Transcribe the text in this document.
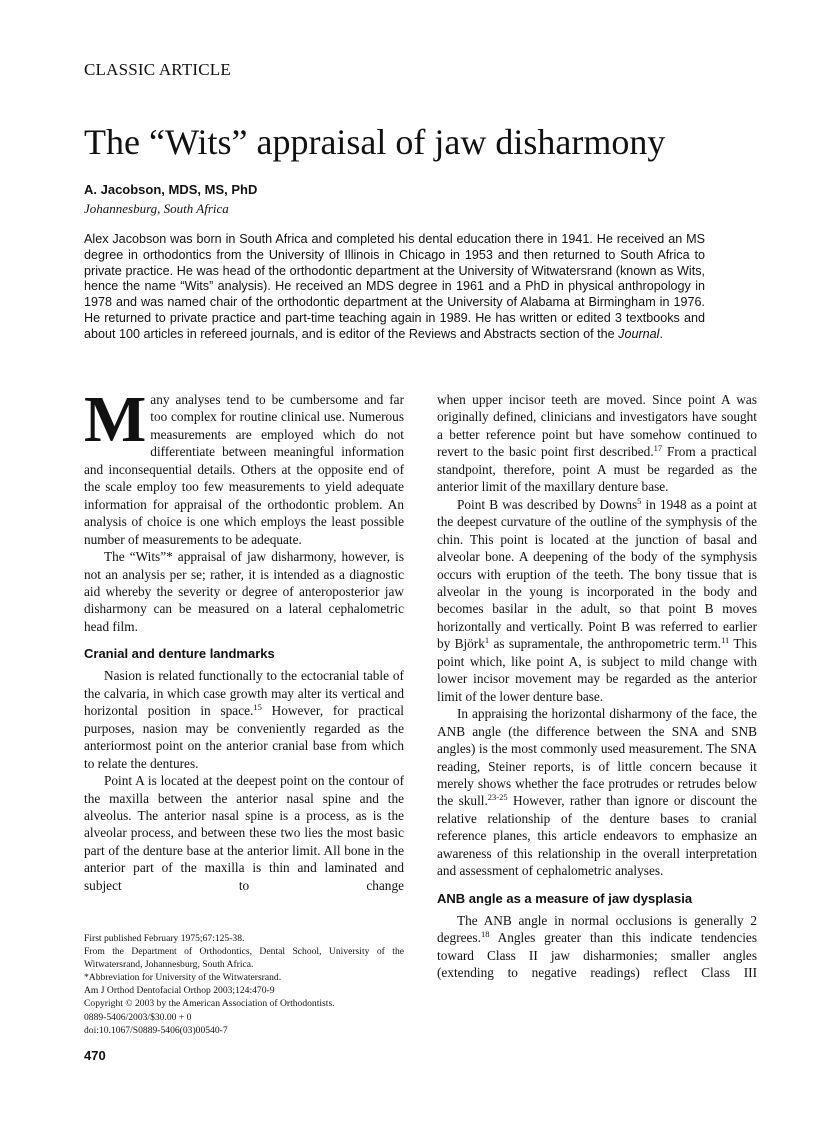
CLASSIC ARTICLE
The “Wits” appraisal of jaw disharmony
A. Jacobson, MDS, MS, PhD
Johannesburg, South Africa
Alex Jacobson was born in South Africa and completed his dental education there in 1941. He received an MS degree in orthodontics from the University of Illinois in Chicago in 1953 and then returned to South Africa to private practice. He was head of the orthodontic department at the University of Witwatersrand (known as Wits, hence the name “Wits” analysis). He received an MDS degree in 1961 and a PhD in physical anthropology in 1978 and was named chair of the orthodontic department at the University of Alabama at Birmingham in 1976. He returned to private practice and part-time teaching again in 1989. He has written or edited 3 textbooks and about 100 articles in refereed journals, and is editor of the Reviews and Abstracts section of the Journal.

Many analyses tend to be cumbersome and far too complex for routine clinical use. Numerous measurements are employed which do not differentiate between meaningful information and inconsequential details. Others at the opposite end of the scale employ too few measurements to yield adequate information for appraisal of the orthodontic problem. An analysis of choice is one which employs the least possible number of measurements to be adequate.

The “Wits”* appraisal of jaw disharmony, however, is not an analysis per se; rather, it is intended as a diagnostic aid whereby the severity or degree of anteroposterior jaw disharmony can be measured on a lateral cephalometric head film.

Cranial and denture landmarks

Nasion is related functionally to the ectocranial table of the calvaria, in which case growth may alter its vertical and horizontal position in space.$^{15}$ However, for practical purposes, nasion may be conveniently regarded as the anteriormost point on the anterior cranial base from which to relate the dentures.

Point A is located at the deepest point on the contour of the maxilla between the anterior nasal spine and the alveolus. The anterior nasal spine is a process, as is the alveolar process, and between these two lies the most basic part of the denture base at the anterior limit. All bone in the anterior part of the maxilla is thin and laminated and subject to change

when upper incisor teeth are moved. Since point A was originally defined, clinicians and investigators have sought a better reference point but have somehow continued to revert to the basic point first described.$^{17}$ From a practical standpoint, therefore, point A must be regarded as the anterior limit of the maxillary denture base.

Point B was described by Downs$^5$ in 1948 as a point at the deepest curvature of the outline of the symphysis of the chin. This point is located at the junction of basal and alveolar bone. A deepening of the body of the symphysis occurs with eruption of the teeth. The bony tissue that is alveolar in the young is incorporated in the body and becomes basilar in the adult, so that point B moves horizontally and vertically. Point B was referred to earlier by Björk$^1$ as supramentale, the anthropometric term.$^{11}$ This point which, like point A, is subject to mild change with lower incisor movement may be regarded as the anterior limit of the lower denture base.

In appraising the horizontal disharmony of the face, the ANB angle (the difference between the SNA and SNB angles) is the most commonly used measurement. The SNA reading, Steiner reports, is of little concern because it merely shows whether the face protrudes or retrudes below the skull.$^{23-25}$ However, rather than ignore or discount the relative relationship of the denture bases to cranial reference planes, this article endeavors to emphasize an awareness of this relationship in the overall interpretation and assessment of cephalometric analyses.

ANB angle as a measure of jaw dysplasia

The ANB angle in normal occlusions is generally 2 degrees.$^{18}$ Angles greater than this indicate tendencies toward Class II jaw disharmonies; smaller angles (extending to negative readings) reflect Class III

First published February 1975;67:125-38.
From the Department of Orthodontics, Dental School, University of the Witwatersrand, Johannesburg, South Africa.
*Abbreviation for University of the Witwatersrand.
Am J Orthod Dentofacial Orthop 2003;124:470-9
Copyright © 2003 by the American Association of Orthodontists.
0889-5406/2003/$30.00 + 0
doi:10.1067/S0889-5406(03)00540-7
470
